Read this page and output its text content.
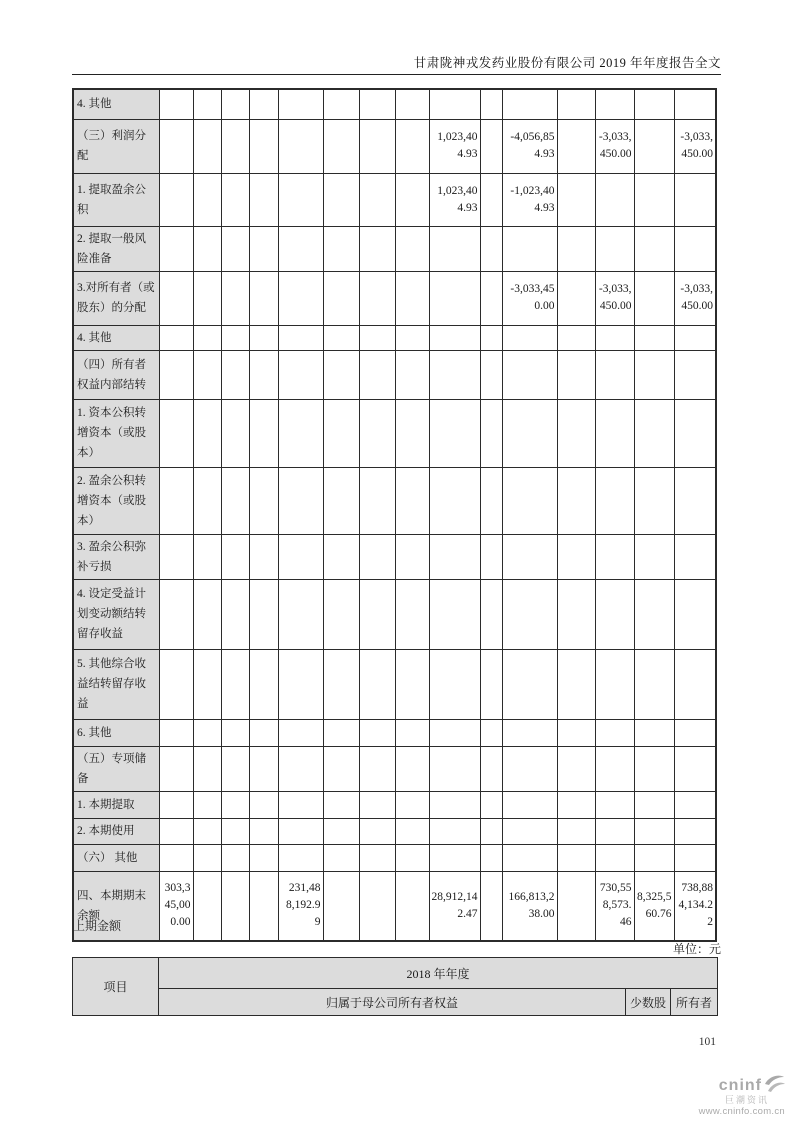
甘肃陇神戎发药业股份有限公司 2019 年年度报告全文
4. 其他															
（三）利润分配									1,023,404.93		-4,056,854.93		-3,033,450.00		-3,033,450.00
1. 提取盈余公积									1,023,404.93		-1,023,404.93				
2. 提取一般风险准备															
3.对所有者（或股东）的分配											-3,033,450.00		-3,033,450.00		-3,033,450.00
4. 其他															
（四）所有者权益内部结转															
1. 资本公积转增资本（或股本）															
2. 盈余公积转增资本（或股本）															
3. 盈余公积弥补亏损															
4. 设定受益计划变动额结转留存收益															
5. 其他综合收益结转留存收益															
6. 其他															
（五）专项储备															
1. 本期提取															
2. 本期使用															
（六） 其他															
四、本期期末余额	303,345,000.00				231,488,192.99				28,912,142.47		166,813,238.00		730,558,573.46	8,325,560.76	738,884,134.22
上期金额
单位：元
项目	2018 年年度		
	归属于母公司所有者权益	少数股	所有者
101
cninf
巨潮资讯
www.cninfo.com.cn
